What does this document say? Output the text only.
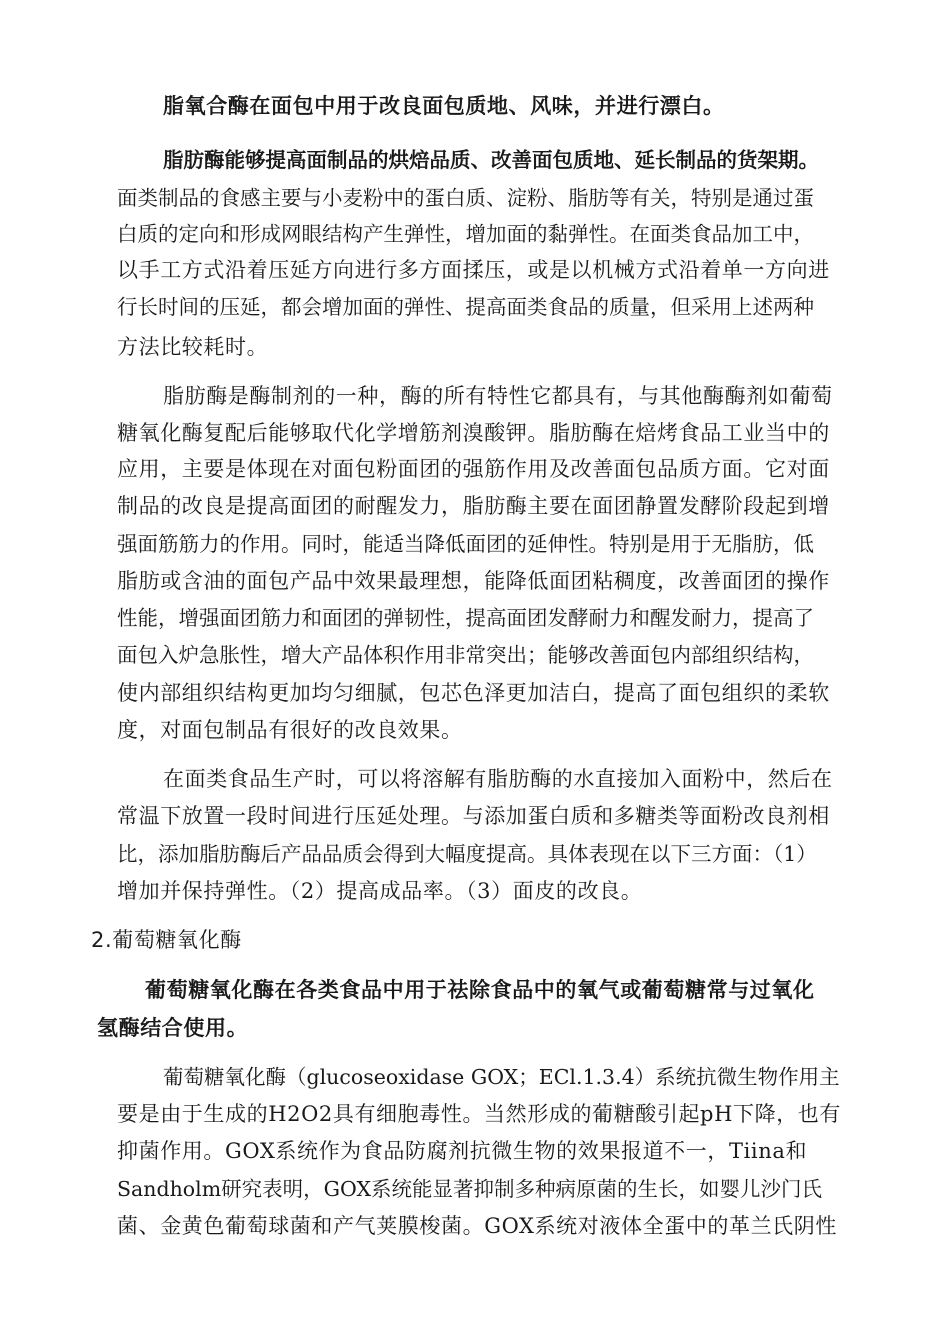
脂氧合酶在面包中用于改良面包质地、风味，并进行漂白。
脂肪酶能够提高面制品的烘焙品质、改善面包质地、延长制品的货架期。
面类制品的食感主要与小麦粉中的蛋白质、淀粉、脂肪等有关，特别是通过蛋
白质的定向和形成网眼结构产生弹性，增加面的黏弹性。在面类食品加工中，
以手工方式沿着压延方向进行多方面揉压，或是以机械方式沿着单一方向进
行长时间的压延，都会增加面的弹性、提高面类食品的质量，但采用上述两种
方法比较耗时。
脂肪酶是酶制剂的一种，酶的所有特性它都具有，与其他酶酶剂如葡萄
糖氧化酶复配后能够取代化学增筋剂溴酸钾。脂肪酶在焙烤食品工业当中的
应用，主要是体现在对面包粉面团的强筋作用及改善面包品质方面。它对面
制品的改良是提高面团的耐醒发力，脂肪酶主要在面团静置发酵阶段起到增
强面筋筋力的作用。同时，能适当降低面团的延伸性。特别是用于无脂肪，低
脂肪或含油的面包产品中效果最理想，能降低面团粘稠度，改善面团的操作
性能，增强面团筋力和面团的弹韧性，提高面团发酵耐力和醒发耐力，提高了
面包入炉急胀性，增大产品体积作用非常突出；能够改善面包内部组织结构，
使内部组织结构更加均匀细腻，包芯色泽更加洁白，提高了面包组织的柔软
度，对面包制品有很好的改良效果。
在面类食品生产时，可以将溶解有脂肪酶的水直接加入面粉中，然后在
常温下放置一段时间进行压延处理。与添加蛋白质和多糖类等面粉改良剂相
比，添加脂肪酶后产品品质会得到大幅度提高。具体表现在以下三方面：（1）
增加并保持弹性。（2）提高成品率。（3）面皮的改良。
2.葡萄糖氧化酶
葡萄糖氧化酶在各类食品中用于祛除食品中的氧气或葡萄糖常与过氧化
氢酶结合使用。
葡萄糖氧化酶（glucoseoxidase GOX；ECl.1.3.4）系统抗微生物作用主
要是由于生成的H2O2具有细胞毒性。当然形成的葡糖酸引起pH下降，也有
抑菌作用。GOX系统作为食品防腐剂抗微生物的效果报道不一，Tiina和
Sandholm研究表明，GOX系统能显著抑制多种病原菌的生长，如婴儿沙门氏
菌、金黄色葡萄球菌和产气荚膜梭菌。GOX系统对液体全蛋中的革兰氏阴性
